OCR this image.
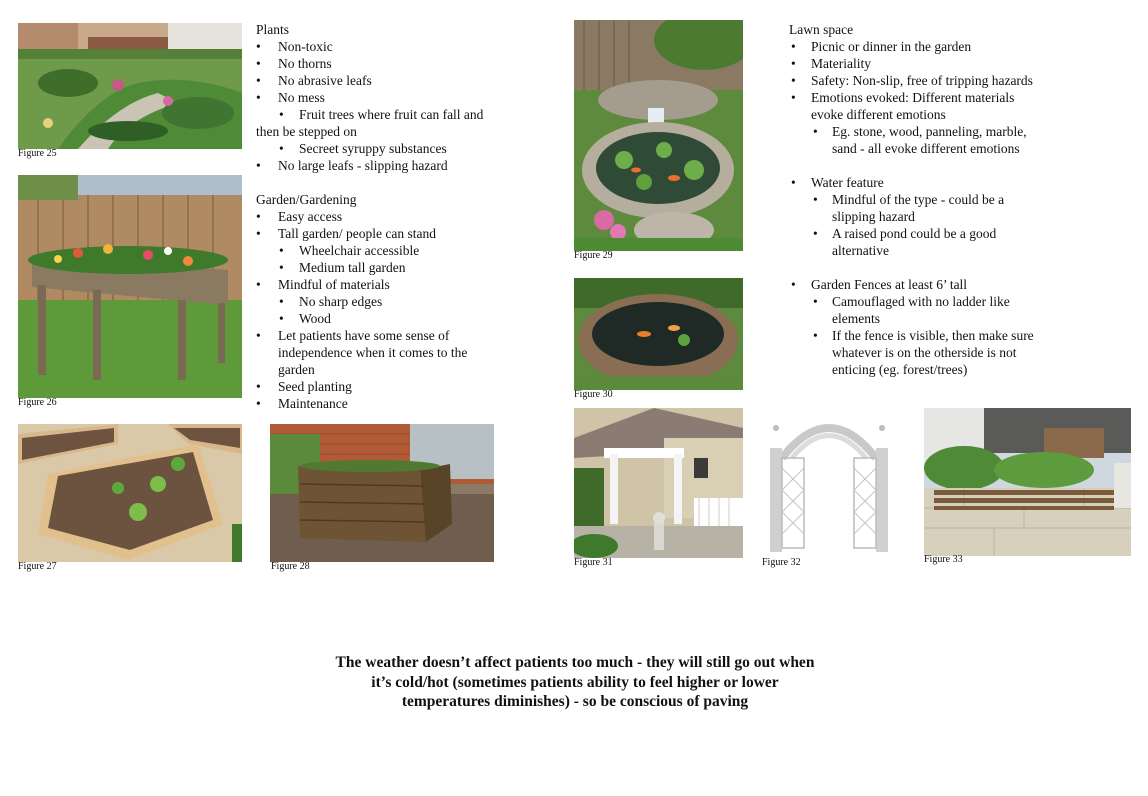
Figure 25
Figure 26
Figure 27	Figure 28
Plants
• Non-toxic
• No thorns
• No abrasive leafs
• No mess
• Fruit trees where fruit can fall and
then be stepped on
• Secreet syruppy substances
• No large leafs - slipping hazard
Garden/Gardening
• Easy access
• Tall garden/ people can stand
• Wheelchair accessible
• Medium tall garden
• Mindful of materials
• No sharp edges
• Wood
• Let patients have some sense of independence when it comes to the garden
• Seed planting
• Maintenance
Figure 29
Figure 30
Figure 31	Figure 32	Figure 33
Lawn space
• Picnic or dinner in the garden
• Materiality
• Safety: Non-slip, free of tripping hazards
• Emotions evoked: Different materials evoke different emotions
• Eg. stone, wood, panneling, marble, sand - all evoke different emotions
• Water feature
• Mindful of the type - could be a slipping hazard
• A raised pond could be a good alternative
• Garden Fences at least 6’ tall
• Camouflaged with no ladder like elements
• If the fence is visible, then make sure whatever is on the otherside is not enticing (eg. forest/trees)
The weather doesn’t affect patients too much - they will still go out when it’s cold/hot (sometimes patients ability to feel higher or lower temperatures diminishes) - so be conscious of paving
